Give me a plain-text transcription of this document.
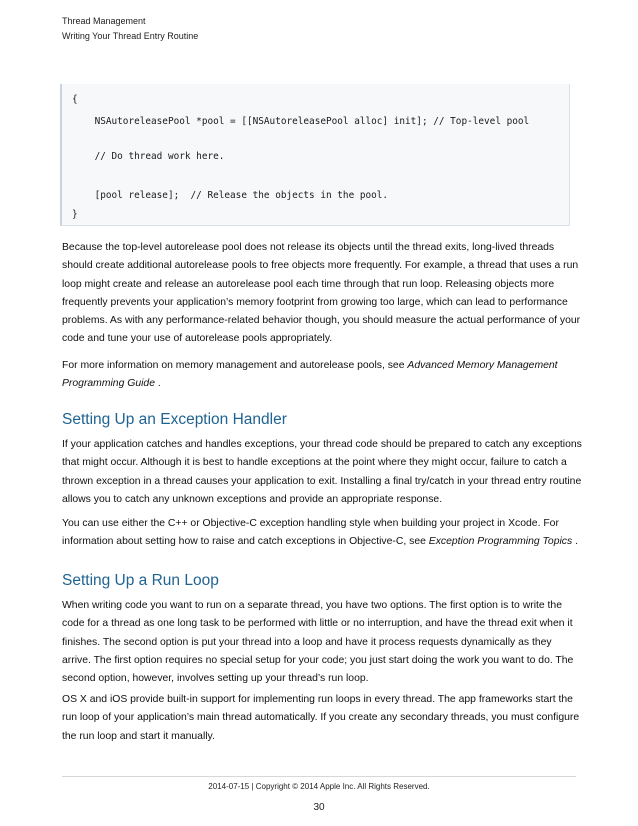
Thread Management
Writing Your Thread Entry Routine
{
NSAutoreleasePool *pool = [[NSAutoreleasePool alloc] init]; // Top-level pool
// Do thread work here.
[pool release];  // Release the objects in the pool.
}
Because the top-level autorelease pool does not release its objects until the thread exits, long-lived threads should create additional autorelease pools to free objects more frequently. For example, a thread that uses a run loop might create and release an autorelease pool each time through that run loop. Releasing objects more frequently prevents your application’s memory footprint from growing too large, which can lead to performance problems. As with any performance-related behavior though, you should measure the actual performance of your code and tune your use of autorelease pools appropriately.
For more information on memory management and autorelease pools, see Advanced Memory Management Programming Guide .
Setting Up an Exception Handler
If your application catches and handles exceptions, your thread code should be prepared to catch any exceptions that might occur. Although it is best to handle exceptions at the point where they might occur, failure to catch a thrown exception in a thread causes your application to exit. Installing a final try/catch in your thread entry routine allows you to catch any unknown exceptions and provide an appropriate response.
You can use either the C++ or Objective-C exception handling style when building your project in Xcode. For information about setting how to raise and catch exceptions in Objective-C, see Exception Programming Topics .
Setting Up a Run Loop
When writing code you want to run on a separate thread, you have two options. The first option is to write the code for a thread as one long task to be performed with little or no interruption, and have the thread exit when it finishes. The second option is put your thread into a loop and have it process requests dynamically as they arrive. The first option requires no special setup for your code; you just start doing the work you want to do. The second option, however, involves setting up your thread’s run loop.
OS X and iOS provide built-in support for implementing run loops in every thread. The app frameworks start the run loop of your application’s main thread automatically. If you create any secondary threads, you must configure the run loop and start it manually.
2014-07-15 | Copyright © 2014 Apple Inc. All Rights Reserved.
30
